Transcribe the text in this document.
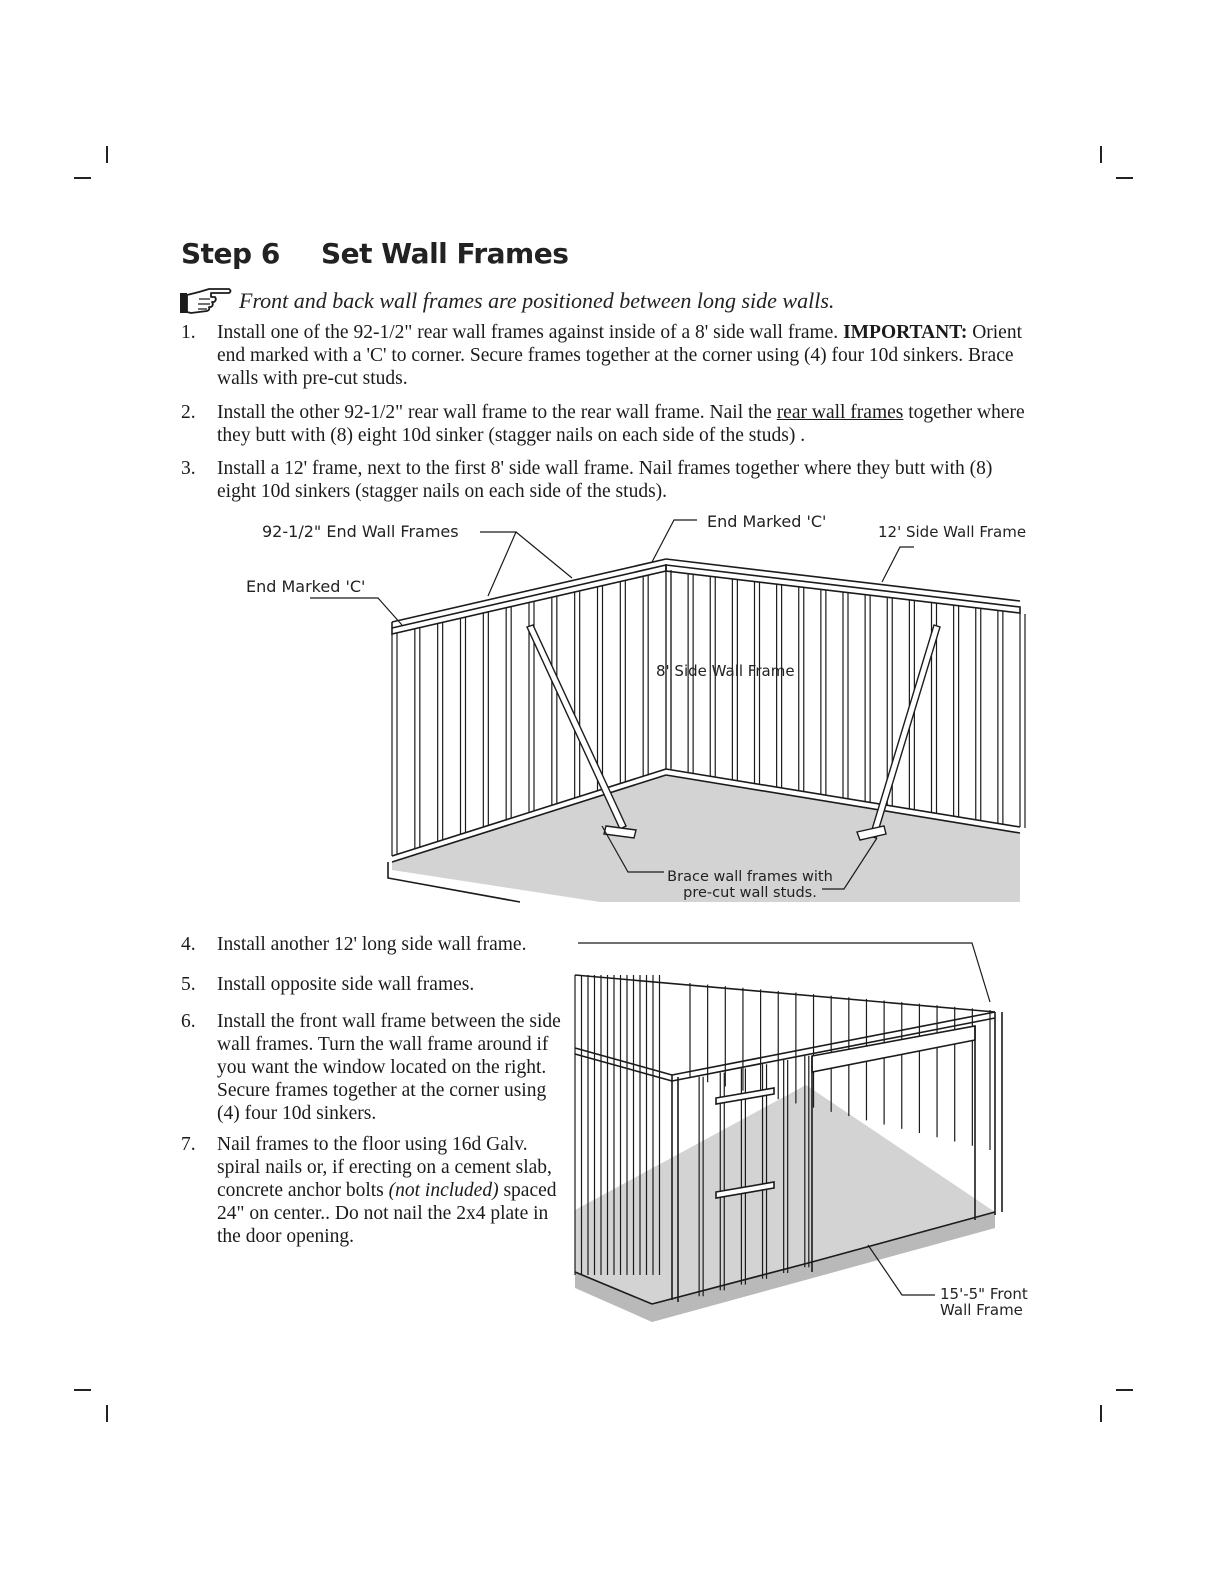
Step 6 Set Wall Frames
Front and back wall frames are positioned between long side walls.
1. Install one of the 92-1/2" rear wall frames against inside of a 8' side wall frame. IMPORTANT: Orient end marked with a 'C' to corner. Secure frames together at the corner using (4) four 10d sinkers. Brace walls with pre-cut studs.
2. Install the other 92-1/2" rear wall frame to the rear wall frame. Nail the rear wall frames together where they butt with (8) eight 10d sinker (stagger nails on each side of the studs) .
3. Install a 12' frame, next to the first 8' side wall frame. Nail frames together where they butt with (8) eight 10d sinkers (stagger nails on each side of the studs).
4. Install another 12' long side wall frame.
5. Install opposite side wall frames.
6. Install the front wall frame between the side wall frames. Turn the wall frame around if you want the window located on the right. Secure frames together at the corner using (4) four 10d sinkers.
7. Nail frames to the floor using 16d Galv. spiral nails or, if erecting on a cement slab, concrete anchor bolts (not included) spaced 24" on center.. Do not nail the 2x4 plate in the door opening.
92-1/2" End Wall Frames
End Marked 'C'
End Marked 'C'
12' Side Wall Frame
8' Side Wall Frame
Brace wall frames with
pre-cut wall studs.
15'-5" Front
Wall Frame
